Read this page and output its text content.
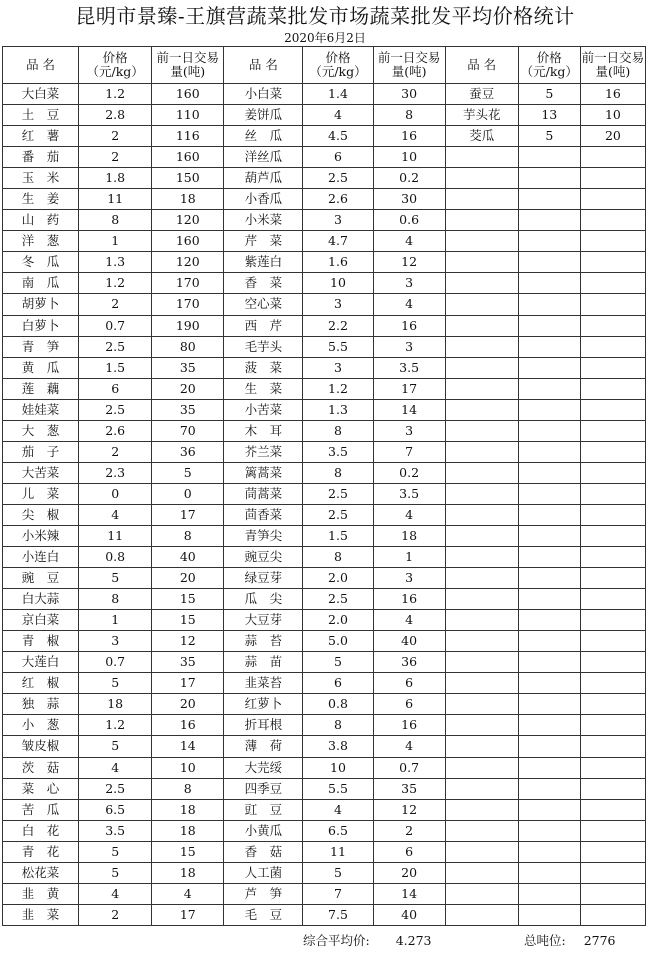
昆明市景臻-王旗营蔬菜批发市场蔬菜批发平均价格统计
2020年6月2日
品 名	价格（元/kg）	前一日交易量(吨)	品 名	价格（元/kg）	前一日交易量(吨)	品 名	价格（元/kg）	前一日交易量(吨)
大白菜	1.2	160	小白菜	1.4	30	蚕豆	5	16
土　豆	2.8	110	姜饼瓜	4	8	芋头花	13	10
红　薯	2	116	丝　瓜	4.5	16	茭瓜	5	20
番　茄	2	160	洋丝瓜	6	10			
玉　米	1.8	150	葫芦瓜	2.5	0.2			
生　姜	11	18	小香瓜	2.6	30			
山　药	8	120	小米菜	3	0.6			
洋　葱	1	160	芹　菜	4.7	4			
冬　瓜	1.3	120	紫莲白	1.6	12			
南　瓜	1.2	170	香　菜	10	3			
胡萝卜	2	170	空心菜	3	4			
白萝卜	0.7	190	西　芹	2.2	16			
青　笋	2.5	80	毛芋头	5.5	3			
黄　瓜	1.5	35	菠　菜	3	3.5			
莲　藕	6	20	生　菜	1.2	17			
娃娃菜	2.5	35	小苦菜	1.3	14			
大　葱	2.6	70	木　耳	8	3			
茄　子	2	36	芥兰菜	3.5	7			
大苦菜	2.3	5	篱蒿菜	8	0.2			
儿　菜	0	0	茼蒿菜	2.5	3.5			
尖　椒	4	17	茴香菜	2.5	4			
小米辣	11	8	青笋尖	1.5	18			
小连白	0.8	40	豌豆尖	8	1			
豌　豆	5	20	绿豆芽	2.0	3			
白大蒜	8	15	瓜　尖	2.5	16			
京白菜	1	15	大豆芽	2.0	4			
青　椒	3	12	蒜　苔	5.0	40			
大莲白	0.7	35	蒜　苗	5	36			
红　椒	5	17	韭菜苔	6	6			
独　蒜	18	20	红萝卜	0.8	6			
小　葱	1.2	16	折耳根	8	16			
皱皮椒	5	14	薄　荷	3.8	4			
茨　菇	4	10	大芫绥	10	0.7			
菜　心	2.5	8	四季豆	5.5	35			
苦　瓜	6.5	18	豇　豆	4	12			
白　花	3.5	18	小黄瓜	6.5	2			
青　花	5	15	香　菇	11	6			
松花菜	5	18	人工菌	5	20			
韭　黄	4	4	芦　笋	7	14			
韭　菜	2	17	毛　豆	7.5	40			
综合平均价: 4.273	总吨位: 2776
